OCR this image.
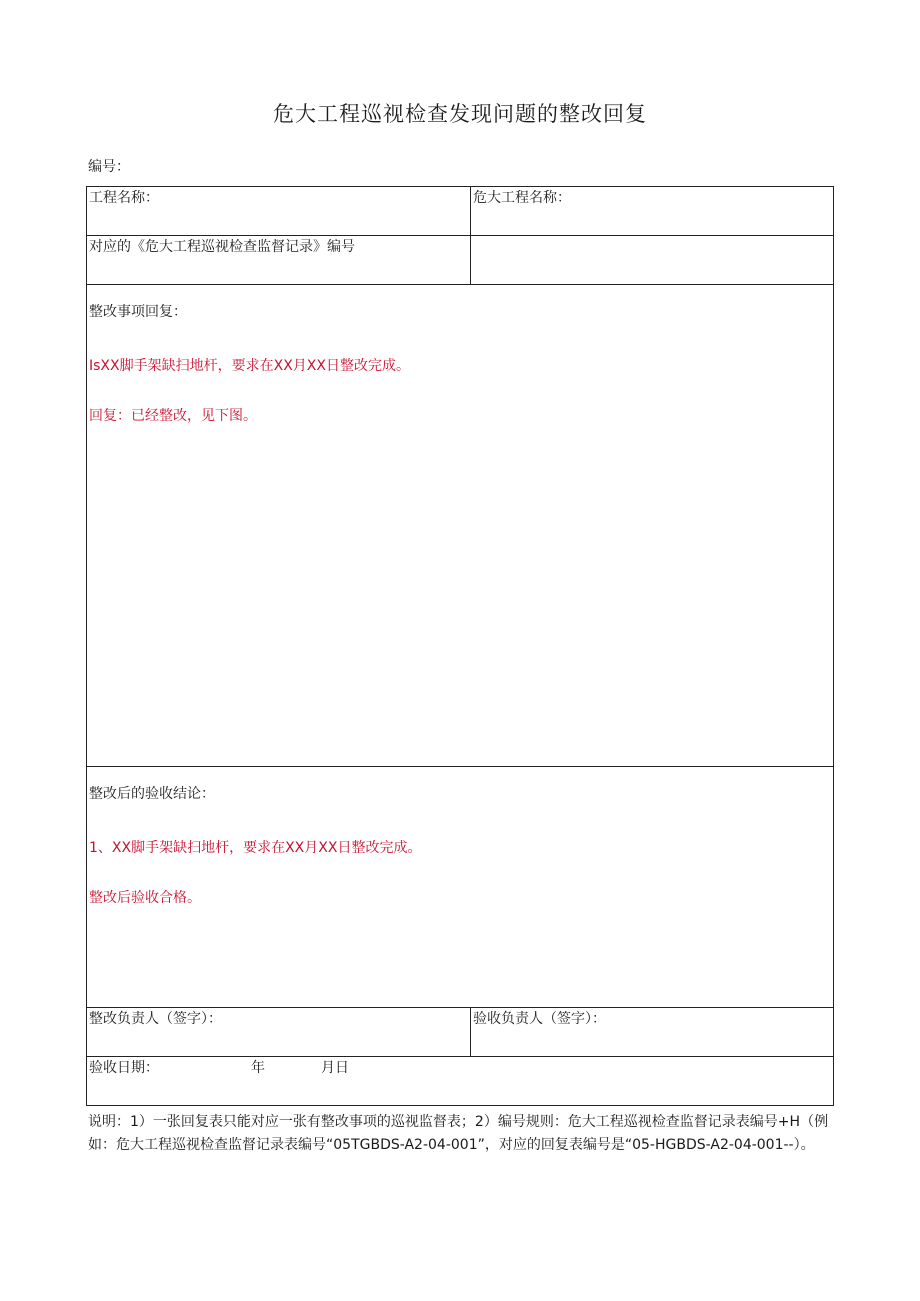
危大工程巡视检查发现问题的整改回复
编号：
工程名称：	危大工程名称：
对应的《危大工程巡视检查监督记录》编号	

整改事项回复：
IsXX脚手架缺扫地杆，要求在XX月XX日整改完成。
回复：已经整改，见下图。	

整改后的验收结论：
1、XX脚手架缺扫地杆，要求在XX月XX日整改完成。
整改后验收合格。	

整改负责人（签字）：	验收负责人（签字）：
验收日期： 年 月日	
说明：1）一张回复表只能对应一张有整改事项的巡视监督表；2）编号规则：危大工程巡视检查监督记录表编号+H（例如：危大工程巡视检查监督记录表编号“05TGBDS-A2-04-001”，对应的回复表编号是“05-HGBDS-A2-04-001--）。
